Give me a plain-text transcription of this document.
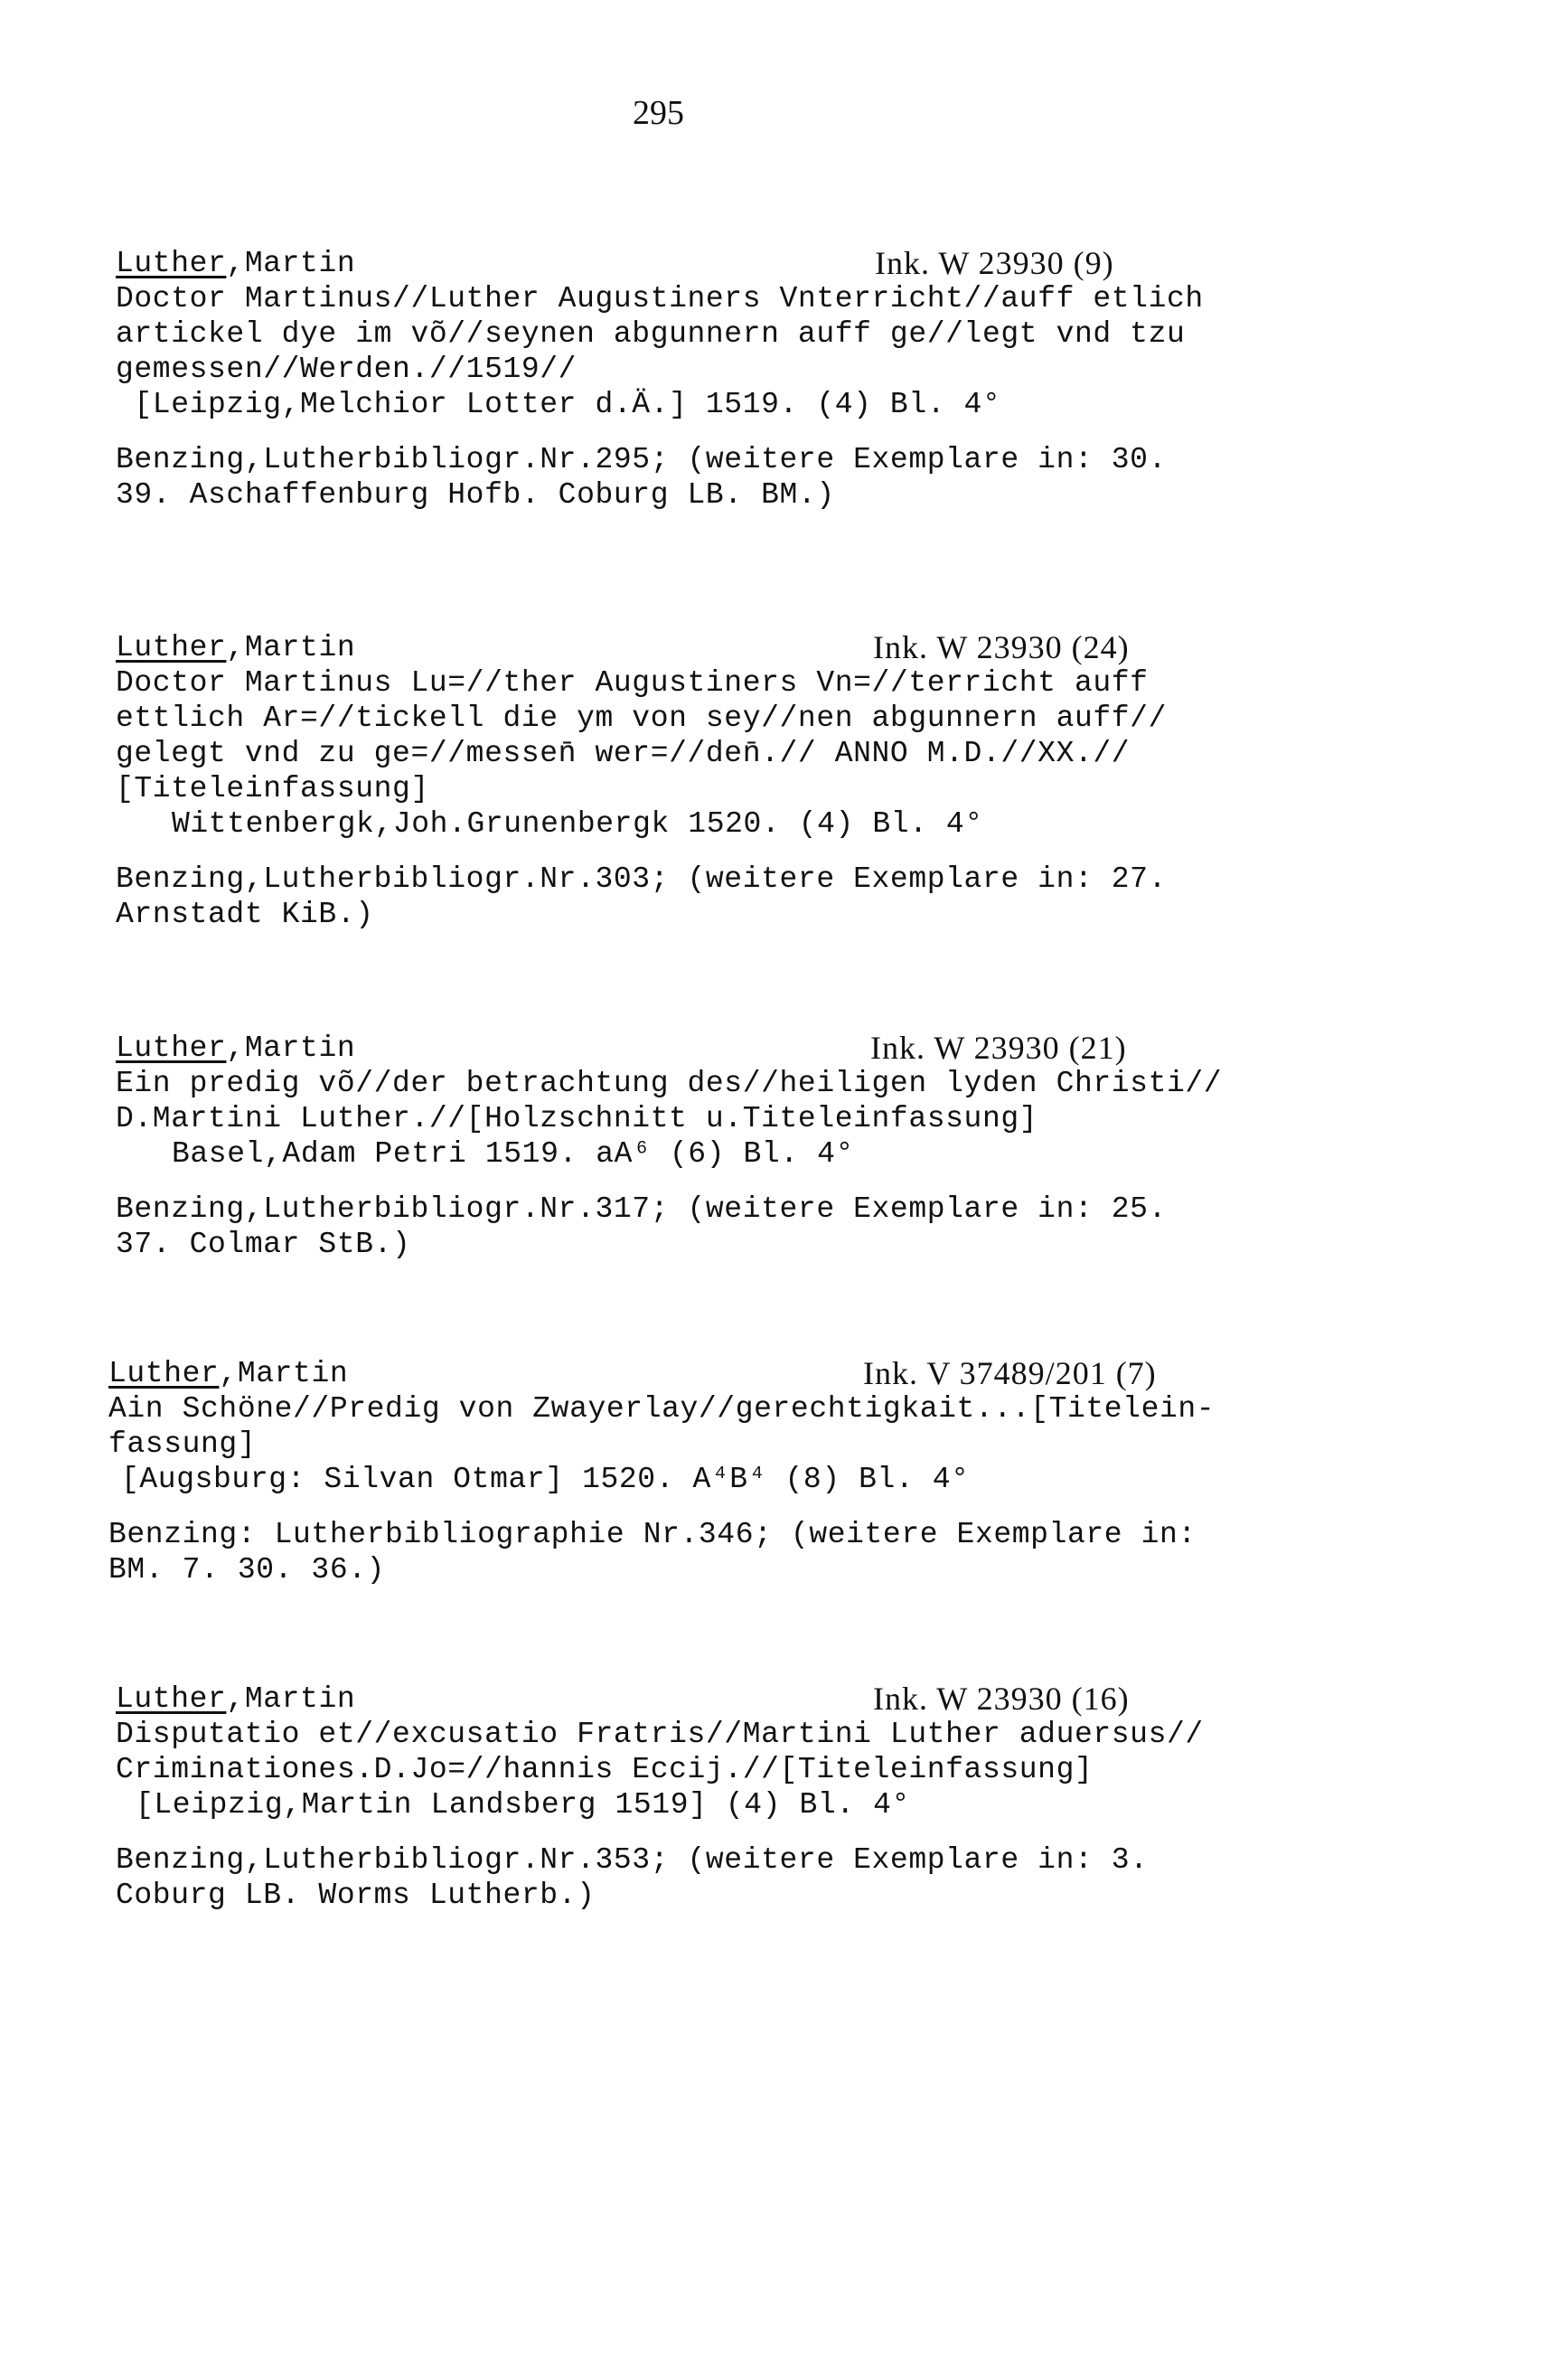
295

Luther,Martin

	Ink. W 23930 (9)

Doctor Martinus//Luther Augustiners Vnterricht//auff etlich
artickel dye im võ//seynen abgunnern auff ge//legt vnd tzu
gemessen//Werden.//1519//
[Leipzig,Melchior Lotter d.Ä.] 1519. (4) Bl. 4°
Benzing,Lutherbibliogr.Nr.295; (weitere Exemplare in: 30.
39. Aschaffenburg Hofb. Coburg LB. BM.)

Luther,Martin

	Ink. W 23930 (24)

Doctor Martinus Lu=//ther Augustiners Vn=//terricht auff
ettlich Ar=//tickell die ym von sey//nen abgunnern auff//
gelegt vnd zu ge=//messen̄ wer=//den̄.// ANNO M.D.//XX.//
[Titeleinfassung]
Wittenbergk,Joh.Grunenbergk 1520. (4) Bl. 4°
Benzing,Lutherbibliogr.Nr.303; (weitere Exemplare in: 27.
Arnstadt KiB.)

Luther,Martin

	Ink. W 23930 (21)

Ein predig võ//der betrachtung des//heiligen lyden Christi//
D.Martini Luther.//[Holzschnitt u.Titeleinfassung]
Basel,Adam Petri 1519. aA⁶ (6) Bl. 4°
Benzing,Lutherbibliogr.Nr.317; (weitere Exemplare in: 25.
37. Colmar StB.)

Luther,Martin

	Ink. V 37489/201 (7)

Ain Schöne//Predig von Zwayerlay//gerechtigkait...[Titelein-
fassung]
[Augsburg: Silvan Otmar] 1520. A⁴B⁴ (8) Bl. 4°
Benzing: Lutherbibliographie Nr.346; (weitere Exemplare in:
BM. 7. 30. 36.)

Luther,Martin

	Ink. W 23930 (16)

Disputatio et//excusatio Fratris//Martini Luther aduersus//
Criminationes.D.Jo=//hannis Eccij.//[Titeleinfassung]
[Leipzig,Martin Landsberg 1519] (4) Bl. 4°
Benzing,Lutherbibliogr.Nr.353; (weitere Exemplare in: 3.
Coburg LB. Worms Lutherb.)
